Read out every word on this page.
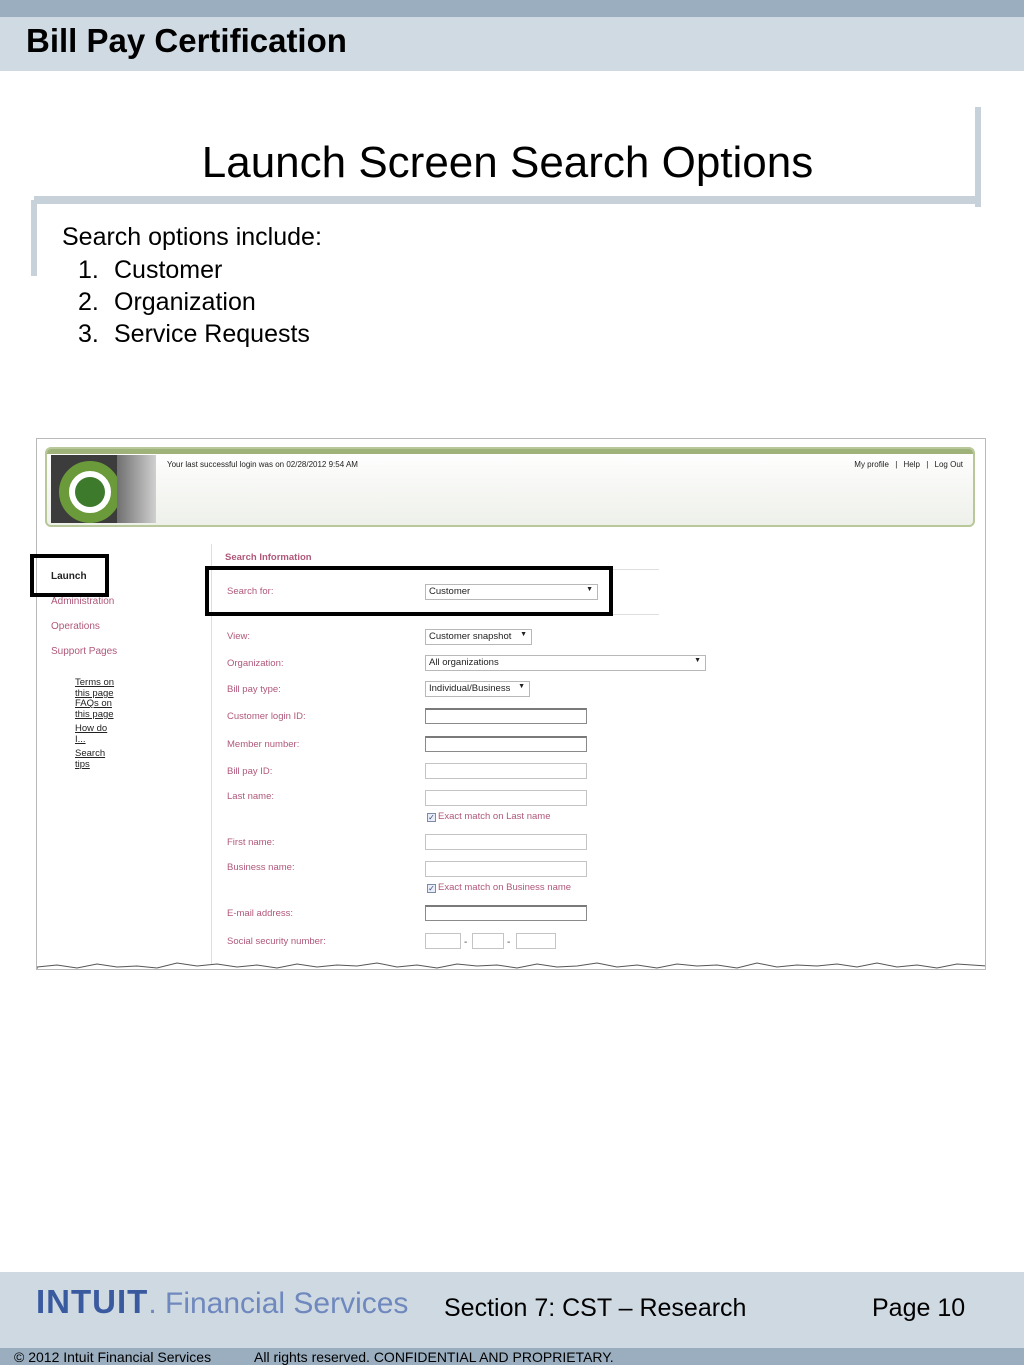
Bill Pay Certification
Launch Screen Search Options
Search options include:
1. Customer
2. Organization
3. Service Requests
Your last successful login was on 02/28/2012 9:54 AM	My profile | Help | Log Out
Launch
Administration
Operations
Support Pages
Terms on this page
FAQs on this page
How do I...
Search tips
Search Information
Search for:	Customer	▼
View:	Customer snapshot ▼
Organization:	All organizations	▼
Bill pay type:	Individual/Business ▼
Customer login ID:
Member number:
Bill pay ID:
Last name:
✓ Exact match on Last name
First name:
Business name:
✓ Exact match on Business name
E-mail address:
Social security number:	-	-
INTUIT. Financial Services Section 7: CST – Research	Page 10
© 2012 Intuit Financial Services	All rights reserved. CONFIDENTIAL AND PROPRIETARY.
